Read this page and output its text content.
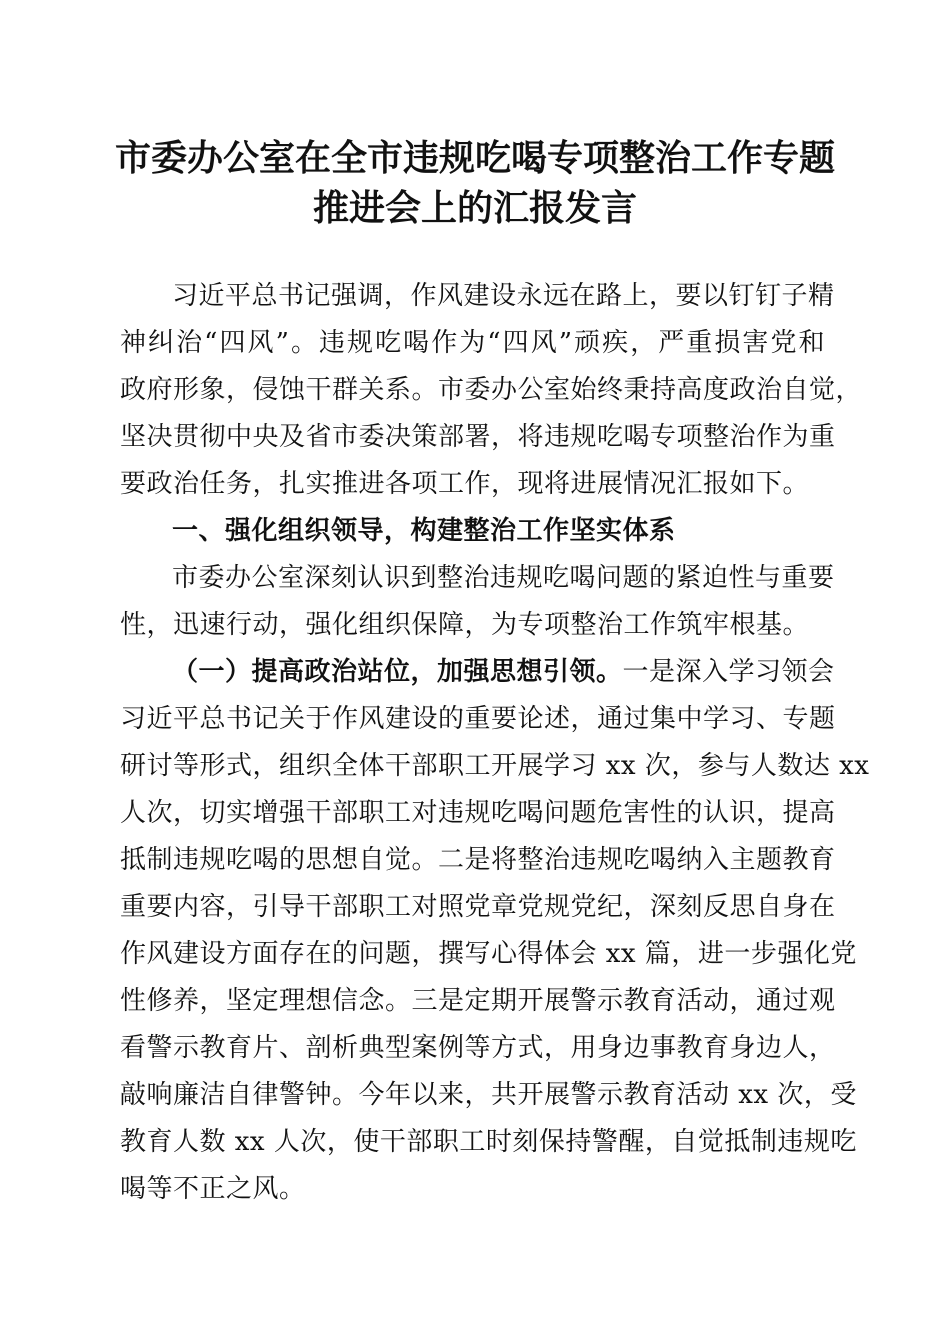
市委办公室在全市违规吃喝专项整治工作专题
推进会上的汇报发言
习近平总书记强调，作风建设永远在路上，要以钉钉子精
神纠治“四风”。违规吃喝作为“四风”顽疾，严重损害党和
政府形象，侵蚀干群关系。市委办公室始终秉持高度政治自觉，
坚决贯彻中央及省市委决策部署，将违规吃喝专项整治作为重
要政治任务，扎实推进各项工作，现将进展情况汇报如下。
一、强化组织领导，构建整治工作坚实体系
市委办公室深刻认识到整治违规吃喝问题的紧迫性与重要
性，迅速行动，强化组织保障，为专项整治工作筑牢根基。
（一）提高政治站位，加强思想引领。一是深入学习领会
习近平总书记关于作风建设的重要论述，通过集中学习、专题
研讨等形式，组织全体干部职工开展学习 xx 次，参与人数达 xx
人次，切实增强干部职工对违规吃喝问题危害性的认识，提高
抵制违规吃喝的思想自觉。二是将整治违规吃喝纳入主题教育
重要内容，引导干部职工对照党章党规党纪，深刻反思自身在
作风建设方面存在的问题，撰写心得体会 xx 篇，进一步强化党
性修养，坚定理想信念。三是定期开展警示教育活动，通过观
看警示教育片、剖析典型案例等方式，用身边事教育身边人，
敲响廉洁自律警钟。今年以来，共开展警示教育活动 xx 次，受
教育人数 xx 人次，使干部职工时刻保持警醒，自觉抵制违规吃
喝等不正之风。
